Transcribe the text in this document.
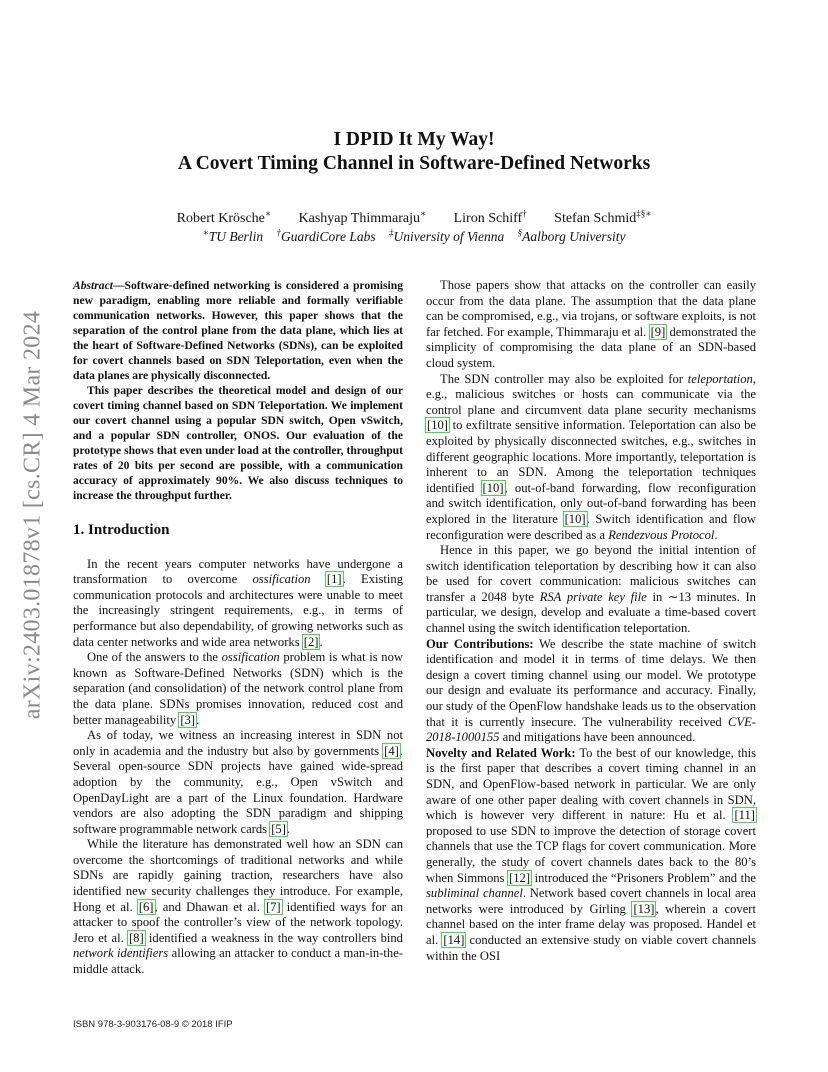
arXiv:2403.01878v1 [cs.CR] 4 Mar 2024
I DPID It My Way!
A Covert Timing Channel in Software-Defined Networks
Robert Krösche∗ Kashyap Thimmaraju∗ Liron Schiff† Stefan Schmid‡§∗
∗TU Berlin †GuardiCore Labs ‡University of Vienna §Aalborg University

Abstract—Software-defined networking is considered a promising new paradigm, enabling more reliable and formally verifiable communication networks. However, this paper shows that the separation of the control plane from the data plane, which lies at the heart of Software-Defined Networks (SDNs), can be exploited for covert channels based on SDN Teleportation, even when the data planes are physically disconnected.

This paper describes the theoretical model and design of our covert timing channel based on SDN Teleportation. We implement our covert channel using a popular SDN switch, Open vSwitch, and a popular SDN controller, ONOS. Our evaluation of the prototype shows that even under load at the controller, throughput rates of 20 bits per second are possible, with a communication accuracy of approximately 90%. We also discuss techniques to increase the throughput further.

1. Introduction

In the recent years computer networks have undergone a transformation to overcome ossification [1]. Existing communication protocols and architectures were unable to meet the increasingly stringent requirements, e.g., in terms of performance but also dependability, of growing networks such as data center networks and wide area networks [2].

One of the answers to the ossification problem is what is now known as Software-Defined Networks (SDN) which is the separation (and consolidation) of the network control plane from the data plane. SDNs promises innovation, reduced cost and better manageability [3].

As of today, we witness an increasing interest in SDN not only in academia and the industry but also by governments [4]. Several open-source SDN projects have gained wide-spread adoption by the community, e.g., Open vSwitch and OpenDayLight are a part of the Linux foundation. Hardware vendors are also adopting the SDN paradigm and shipping software programmable network cards [5].

While the literature has demonstrated well how an SDN can overcome the shortcomings of traditional networks and while SDNs are rapidly gaining traction, researchers have also identified new security challenges they introduce. For example, Hong et al. [6], and Dhawan et al. [7] identified ways for an attacker to spoof the controller’s view of the network topology. Jero et al. [8] identified a weakness in the way controllers bind network identifiers allowing an attacker to conduct a man-in-the-middle attack.

Those papers show that attacks on the controller can easily occur from the data plane. The assumption that the data plane can be compromised, e.g., via trojans, or software exploits, is not far fetched. For example, Thimmaraju et al. [9] demonstrated the simplicity of compromising the data plane of an SDN-based cloud system.

The SDN controller may also be exploited for teleportation, e.g., malicious switches or hosts can communicate via the control plane and circumvent data plane security mechanisms [10] to exfiltrate sensitive information. Teleportation can also be exploited by physically disconnected switches, e.g., switches in different geographic locations. More importantly, teleportation is inherent to an SDN. Among the teleportation techniques identified [10], out-of-band forwarding, flow reconfiguration and switch identification, only out-of-band forwarding has been explored in the literature [10]. Switch identification and flow reconfiguration were described as a Rendezvous Protocol.

Hence in this paper, we go beyond the initial intention of switch identification teleportation by describing how it can also be used for covert communication: malicious switches can transfer a 2048 byte RSA private key file in ∼13 minutes. In particular, we design, develop and evaluate a time-based covert channel using the switch identification teleportation.

Our Contributions: We describe the state machine of switch identification and model it in terms of time delays. We then design a covert timing channel using our model. We prototype our design and evaluate its performance and accuracy. Finally, our study of the OpenFlow handshake leads us to the observation that it is currently insecure. The vulnerability received CVE-2018-1000155 and mitigations have been announced.

Novelty and Related Work: To the best of our knowledge, this is the first paper that describes a covert timing channel in an SDN, and OpenFlow-based network in particular. We are only aware of one other paper dealing with covert channels in SDN, which is however very different in nature: Hu et al. [11] proposed to use SDN to improve the detection of storage covert channels that use the TCP flags for covert communication. More generally, the study of covert channels dates back to the 80’s when Simmons [12] introduced the “Prisoners Problem” and the subliminal channel. Network based covert channels in local area networks were introduced by Girling [13], wherein a covert channel based on the inter frame delay was proposed. Handel et al. [14] conducted an extensive study on viable covert channels within the OSI

ISBN 978-3-903176-08-9 © 2018 IFIP
